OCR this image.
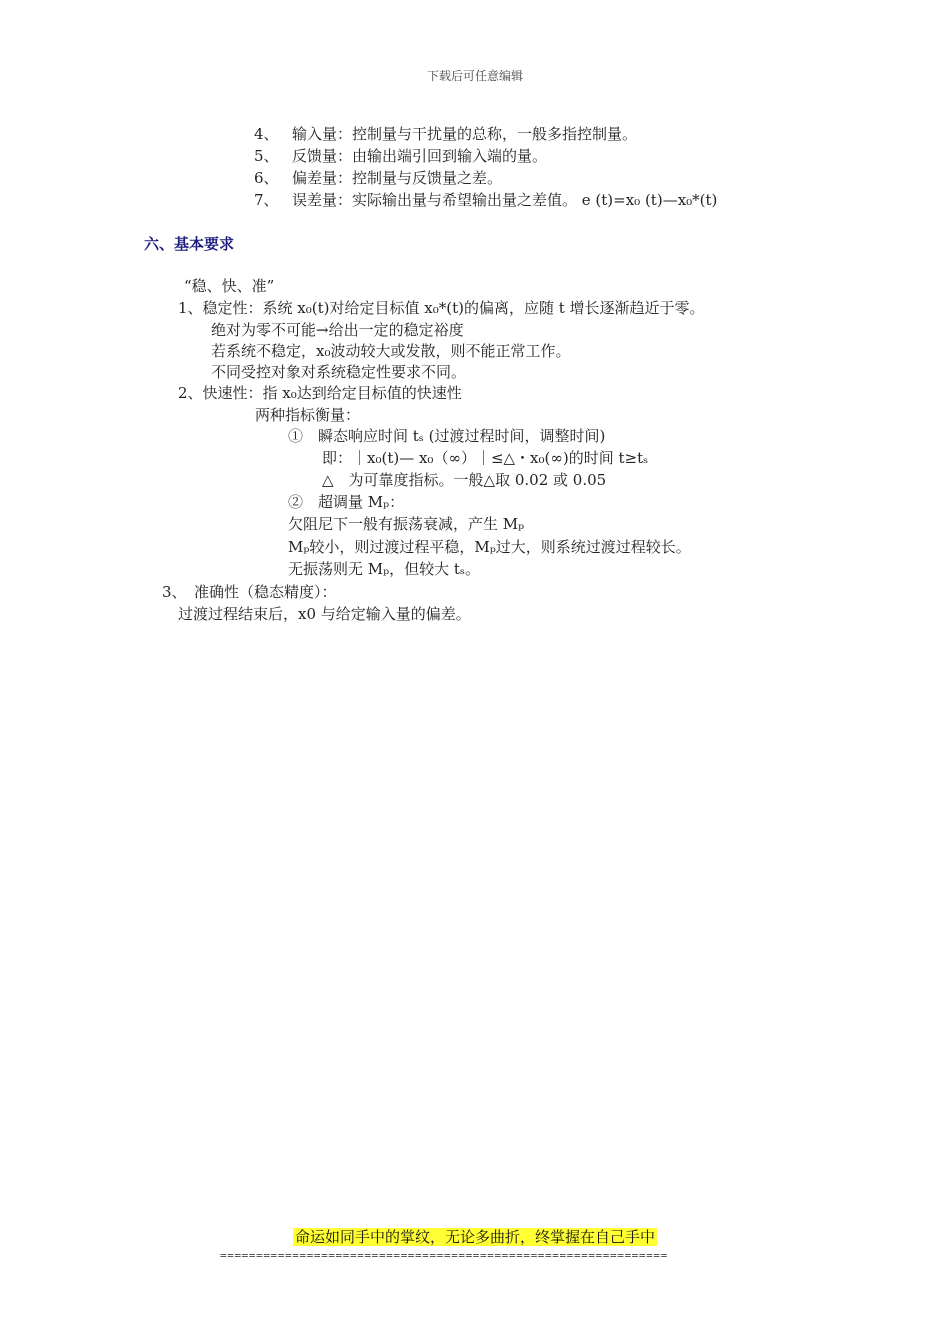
下载后可任意编辑
4、 输入量：控制量与干扰量的总称，一般多指控制量。
5、 反馈量：由输出端引回到输入端的量。
6、 偏差量：控制量与反馈量之差。
7、 误差量：实际输出量与希望输出量之差值。 e (t)=x₀ (t)—x₀*(t)
六、基本要求
“稳、快、准”
1、稳定性：系统 x₀(t)对给定目标值 x₀*(t)的偏离，应随 t 增长逐渐趋近于零。
绝对为零不可能→给出一定的稳定裕度
若系统不稳定，x₀波动较大或发散，则不能正常工作。
不同受控对象对系统稳定性要求不同。
2、快速性：指 x₀达到给定目标值的快速性
两种指标衡量：
①　瞬态响应时间 tₛ (过渡过程时间，调整时间)
即：｜x₀(t)— x₀（∞）｜≤△・x₀(∞)的时间 t≥tₛ
△　为可靠度指标。一般△取 0.02 或 0.05
②　超调量 Mₚ：
欠阻尼下一般有振荡衰减，产生 Mₚ
Mₚ较小，则过渡过程平稳，Mₚ过大，则系统过渡过程较长。
无振荡则无 Mₚ，但较大 tₛ。
3、　准确性（稳态精度）：
过渡过程结束后，x0 与给定输入量的偏差。
命运如同手中的掌纹，无论多曲折，终掌握在自己手中
==============================================================
